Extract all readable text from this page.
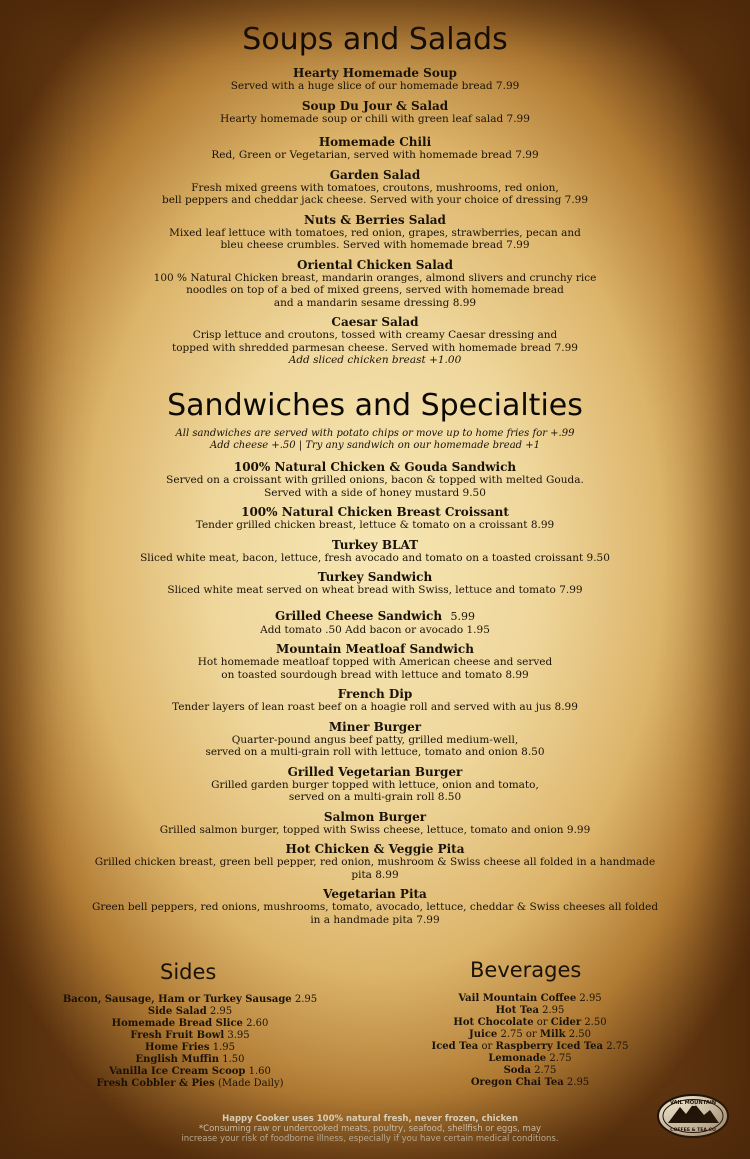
Soups and Salads
Hearty Homemade Soup
Served with a huge slice of our homemade bread 7.99
Soup Du Jour & Salad
Hearty homemade soup or chili with green leaf salad 7.99
Homemade Chili
Red, Green or Vegetarian, served with homemade bread 7.99
Garden Salad
Fresh mixed greens with tomatoes, croutons, mushrooms, red onion,
bell peppers and cheddar jack cheese. Served with your choice of dressing 7.99
Nuts & Berries Salad
Mixed leaf lettuce with tomatoes, red onion, grapes, strawberries, pecan and
bleu cheese crumbles. Served with homemade bread 7.99
Oriental Chicken Salad
100 % Natural Chicken breast, mandarin oranges, almond slivers and crunchy rice
noodles on top of a bed of mixed greens, served with homemade bread
and a mandarin sesame dressing 8.99
Caesar Salad
Crisp lettuce and croutons, tossed with creamy Caesar dressing and
topped with shredded parmesan cheese. Served with homemade bread 7.99
Add sliced chicken breast +1.00
Sandwiches and Specialties
All sandwiches are served with potato chips or move up to home fries for +.99
Add cheese +.50 | Try any sandwich on our homemade bread +1
100% Natural Chicken & Gouda Sandwich
Served on a croissant with grilled onions, bacon & topped with melted Gouda.
Served with a side of honey mustard 9.50
100% Natural Chicken Breast Croissant
Tender grilled chicken breast, lettuce & tomato on a croissant 8.99
Turkey BLAT
Sliced white meat, bacon, lettuce, fresh avocado and tomato on a toasted croissant 9.50
Turkey Sandwich
Sliced white meat served on wheat bread with Swiss, lettuce and tomato 7.99
Grilled Cheese Sandwich 5.99
Add tomato .50 Add bacon or avocado 1.95
Mountain Meatloaf Sandwich
Hot homemade meatloaf topped with American cheese and served
on toasted sourdough bread with lettuce and tomato 8.99
French Dip
Tender layers of lean roast beef on a hoagie roll and served with au jus 8.99
Miner Burger
Quarter-pound angus beef patty, grilled medium-well,
served on a multi-grain roll with lettuce, tomato and onion 8.50
Grilled Vegetarian Burger
Grilled garden burger topped with lettuce, onion and tomato,
served on a multi-grain roll 8.50
Salmon Burger
Grilled salmon burger, topped with Swiss cheese, lettuce, tomato and onion 9.99
Hot Chicken & Veggie Pita
Grilled chicken breast, green bell pepper, red onion, mushroom & Swiss cheese all folded in a handmade
pita 8.99
Vegetarian Pita
Green bell peppers, red onions, mushrooms, tomato, avocado, lettuce, cheddar & Swiss cheeses all folded
in a handmade pita 7.99
Sides
Bacon, Sausage, Ham or Turkey Sausage 2.95
Side Salad 2.95
Homemade Bread Slice 2.60
Fresh Fruit Bowl 3.95
Home Fries 1.95
English Muffin 1.50
Vanilla Ice Cream Scoop 1.60
Fresh Cobbler & Pies (Made Daily)
Beverages
Vail Mountain Coffee 2.95
Hot Tea 2.95
Hot Chocolate or Cider 2.50
Juice 2.75 or Milk 2.50
Iced Tea or Raspberry Iced Tea 2.75
Lemonade 2.75
Soda 2.75
Oregon Chai Tea 2.95
Happy Cooker uses 100% natural fresh, never frozen, chicken
*Consuming raw or undercooked meats, poultry, seafood, shellfish or eggs, may
increase your risk of foodborne illness, especially if you have certain medical conditions.
VAIL MOUNTAIN
COFFEE & TEA CO
